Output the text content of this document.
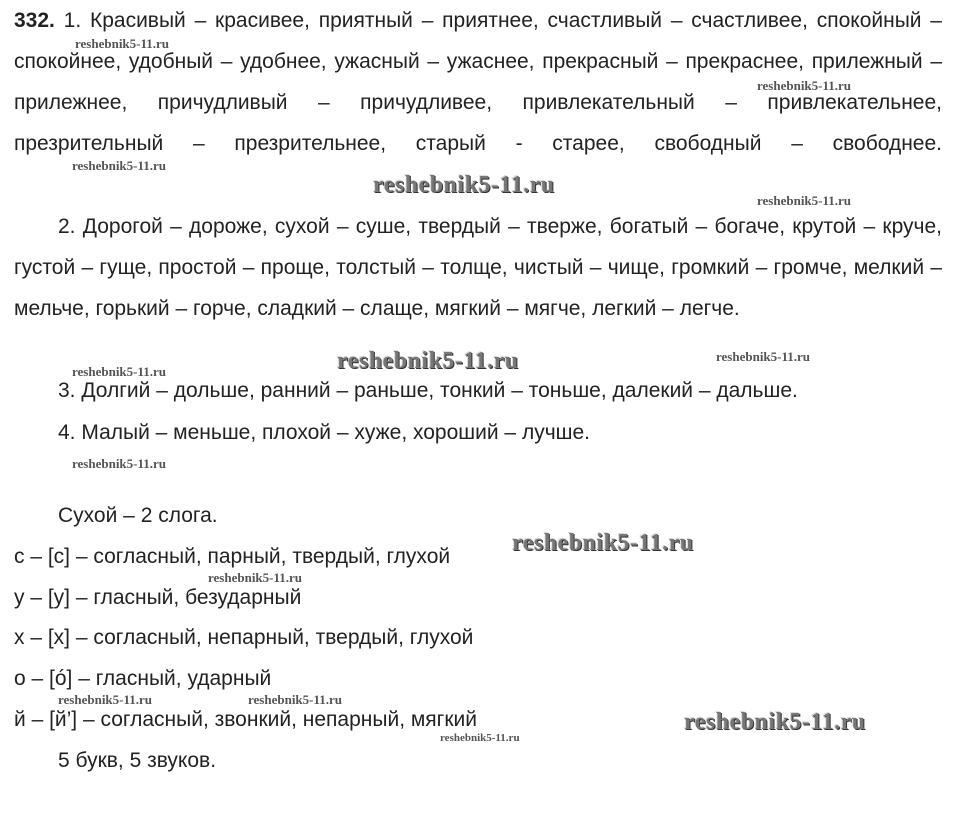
332. 1. Красивый – красивее, приятный – приятнее, счастливый – счастливее, спокойный – спокойнее, удобный – удобнее, ужасный – ужаснее, прекрасный – прекраснее, прилежный – прилежнее, причудливый – причудливее, привлекательный – привлекательнее, презрительный – презрительнее, старый - старее, свободный – свободнее.

2. Дорогой – дороже, сухой – суше, твердый – тверже, богатый – богаче, крутой – круче, густой – гуще, простой – проще, толстый – толще, чистый – чище, громкий – громче, мелкий – мельче, горький – горче, сладкий – слаще, мягкий – мягче, легкий – легче.

3. Долгий – дольше, ранний – раньше, тонкий – тоньше, далекий – дальше.

4. Малый – меньше, плохой – хуже, хороший – лучше.

Сухой – 2 слога.

с – [с] – согласный, парный, твердый, глухой

у – [у] – гласный, безударный

х – [х] – согласный, непарный, твердый, глухой

о – [ó] – гласный, ударный

й – [й’] – согласный, звонкий, непарный, мягкий

5 букв, 5 звуков.

reshebnik5-11.ru
reshebnik5-11.ru
reshebnik5-11.ru
reshebnik5-11.ru
reshebnik5-11.ru
reshebnik5-11.ru	reshebnik5-11.ru
reshebnik5-11.ru
reshebnik5-11.ru
reshebnik5-11.ru
reshebnik5-11.ru
reshebnik5-11.ru	reshebnik5-11.ru
reshebnik5-11.ru
reshebnik5-11.ru
